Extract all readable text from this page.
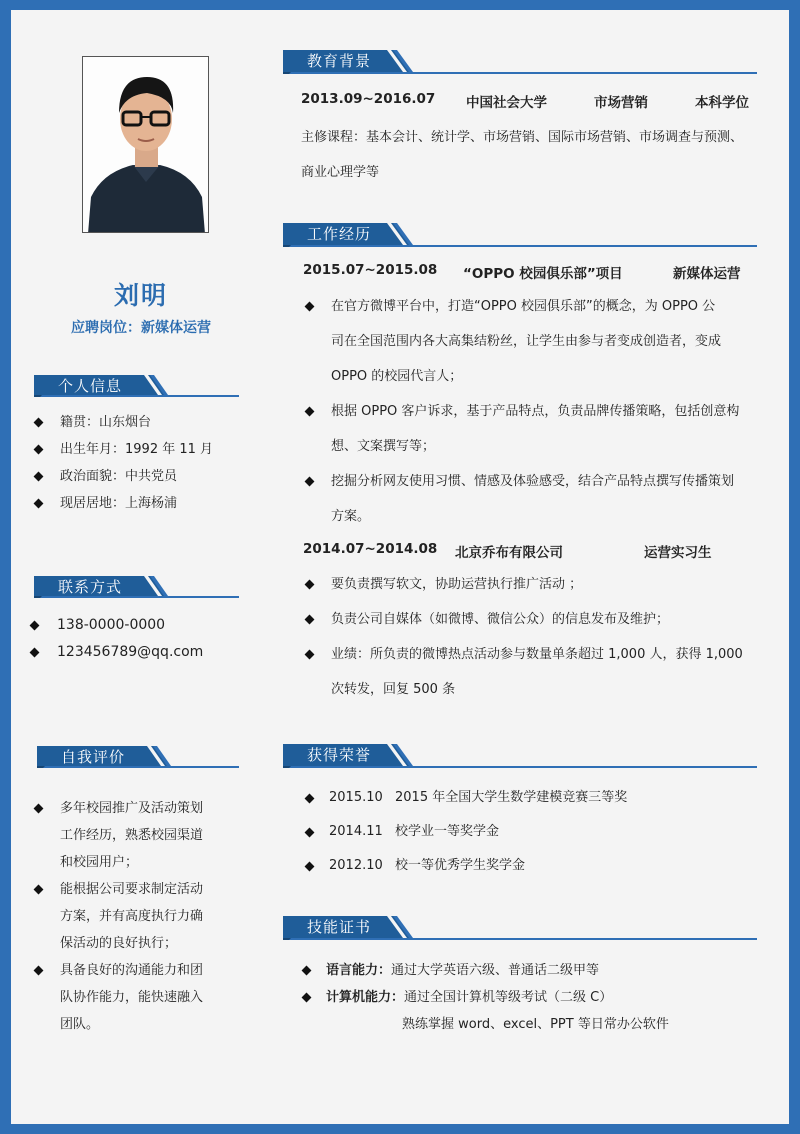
刘明
应聘岗位：新媒体运营
个人信息
籍贯：山东烟台
出生年月：1992 年 11 月
政治面貌：中共党员
现居居地：上海杨浦
联系方式
138-0000-0000
123456789@qq.com
自我评价
多年校园推广及活动策划
工作经历，熟悉校园渠道
和校园用户；
能根据公司要求制定活动
方案，并有高度执行力确
保活动的良好执行；
具备良好的沟通能力和团
队协作能力，能快速融入
团队。
教育背景
2013.09~2016.07 中国社会大学	市场营销	本科学位
主修课程：基本会计、统计学、市场营销、国际市场营销、市场调查与预测、
商业心理学等
工作经历
2015.07~2015.08 “OPPO 校园俱乐部”项目	新媒体运营
在官方微博平台中，打造“OPPO 校园俱乐部”的概念，为 OPPO 公
司在全国范围内各大高集结粉丝，让学生由参与者变成创造者，变成
OPPO 的校园代言人；
根据 OPPO 客户诉求，基于产品特点，负责品牌传播策略，包括创意构
想、文案撰写等；
挖掘分析网友使用习惯、情感及体验感受，结合产品特点撰写传播策划
方案。
2014.07~2014.08 北京乔布有限公司	运营实习生
要负责撰写软文，协助运营执行推广活动 ；
负责公司自媒体（如微博、微信公众）的信息发布及维护；
业绩：所负责的微博热点活动参与数量单条超过 1,000 人，获得 1,000
次转发，回复 500 条
获得荣誉
2015.10 2015 年全国大学生数学建模竞赛三等奖
2014.11 校学业一等奖学金
2012.10 校一等优秀学生奖学金
技能证书
语言能力：通过大学英语六级、普通话二级甲等
计算机能力：通过全国计算机等级考试（二级 C）
熟练掌握 word、excel、PPT 等日常办公软件
